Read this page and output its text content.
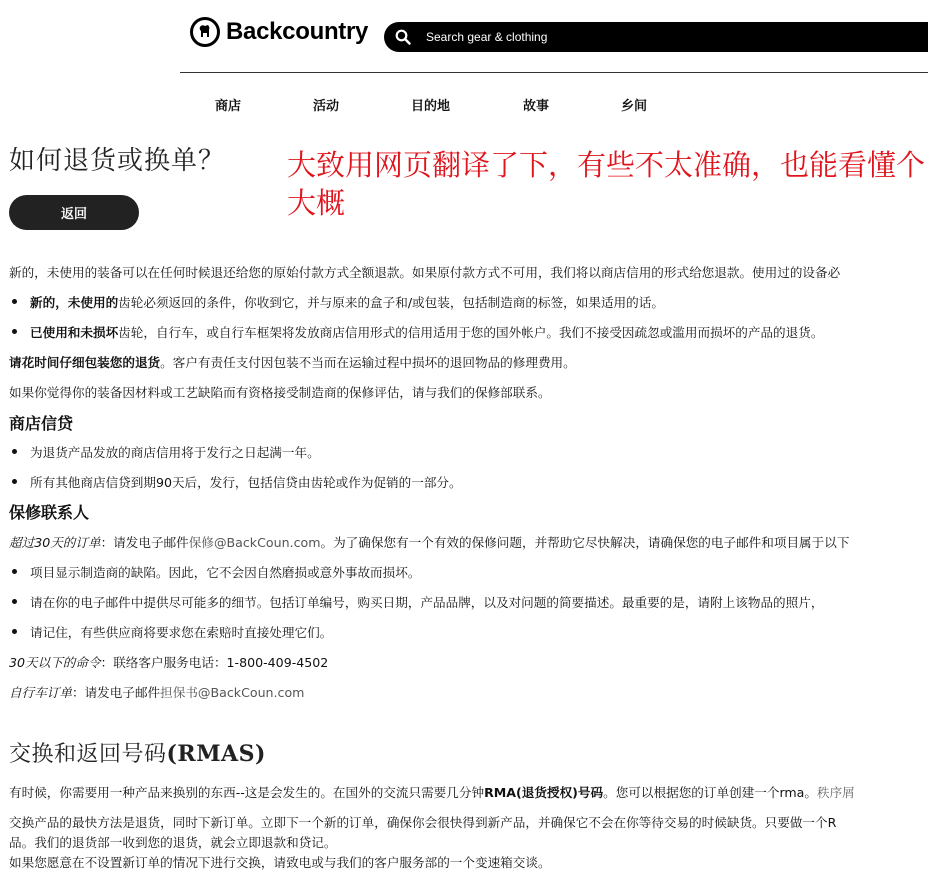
Backcountry
Search gear & clothing
商店	活动	目的地	故事	乡间
如何退货或换单？
返回
大致用网页翻译了下，有些不太准确，也能看懂个大概
新的，未使用的装备可以在任何时候退还给您的原始付款方式全额退款。如果原付款方式不可用，我们将以商店信用的形式给您退款。使用过的设备必
新的，未使用的齿轮必须返回的条件，你收到它，并与原来的盒子和/或包装，包括制造商的标签，如果适用的话。
已使用和未损坏齿轮，自行车，或自行车框架将发放商店信用形式的信用适用于您的国外帐户。我们不接受因疏忽或滥用而损坏的产品的退货。
请花时间仔细包装您的退货。客户有责任支付因包装不当而在运输过程中损坏的退回物品的修理费用。
如果你觉得你的装备因材料或工艺缺陷而有资格接受制造商的保修评估，请与我们的保修部联系。
商店信贷
为退货产品发放的商店信用将于发行之日起满一年。
所有其他商店信贷到期90天后，发行，包括信贷由齿轮或作为促销的一部分。
保修联系人
超过30天的订单：请发电子邮件保修@BackCoun.com。为了确保您有一个有效的保修问题，并帮助它尽快解决，请确保您的电子邮件和项目属于以下
项目显示制造商的缺陷。因此，它不会因自然磨损或意外事故而损坏。
请在你的电子邮件中提供尽可能多的细节。包括订单编号，购买日期，产品品牌，以及对问题的简要描述。最重要的是，请附上该物品的照片，
请记住，有些供应商将要求您在索赔时直接处理它们。
30天以下的命令：联络客户服务电话：1-800-409-4502
自行车订单：请发电子邮件担保书@BackCoun.com
交换和返回号码(RMAS)
有时候，你需要用一种产品来换别的东西--这是会发生的。在国外的交流只需要几分钟RMA(退货授权)号码。您可以根据您的订单创建一个rma。秩序屑
交换产品的最快方法是退货，同时下新订单。立即下一个新的订单，确保你会很快得到新产品，并确保它不会在你等待交易的时候缺货。只要做一个R
品。我们的退货部一收到您的退货，就会立即退款和贷记。
如果您愿意在不设置新订单的情况下进行交换，请致电或与我们的客户服务部的一个变速箱交谈。
